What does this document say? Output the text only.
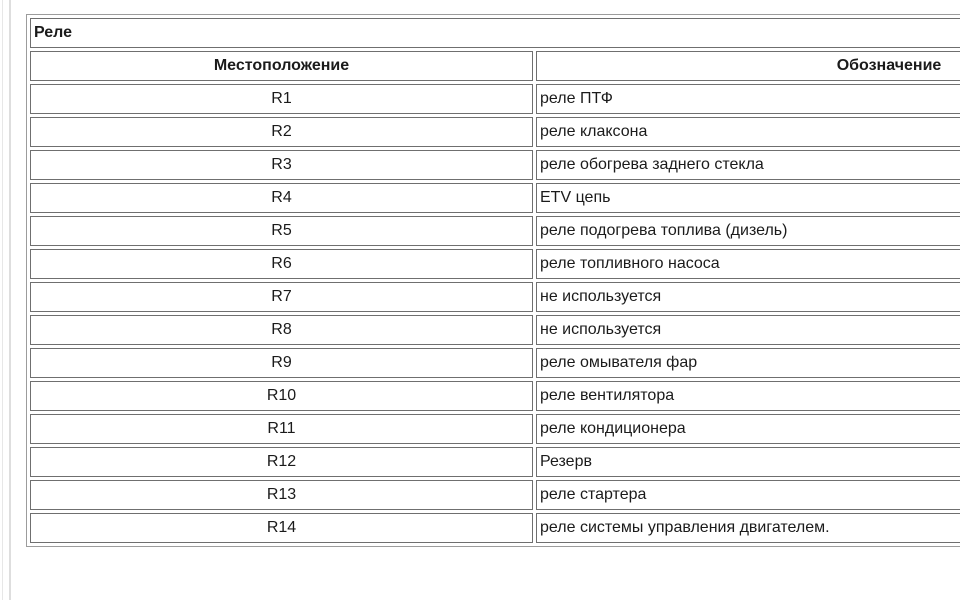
Реле	
Местоположение	Обозначение
R1	реле ПТФ
R2	реле клаксона
R3	реле обогрева заднего стекла
R4	ETV цепь
R5	реле подогрева топлива (дизель)
R6	реле топливного насоса
R7	не используется
R8	не используется
R9	реле омывателя фар
R10	реле вентилятора
R11	реле кондиционера
R12	Резерв
R13	реле стартера
R14	реле системы управления двигателем.
